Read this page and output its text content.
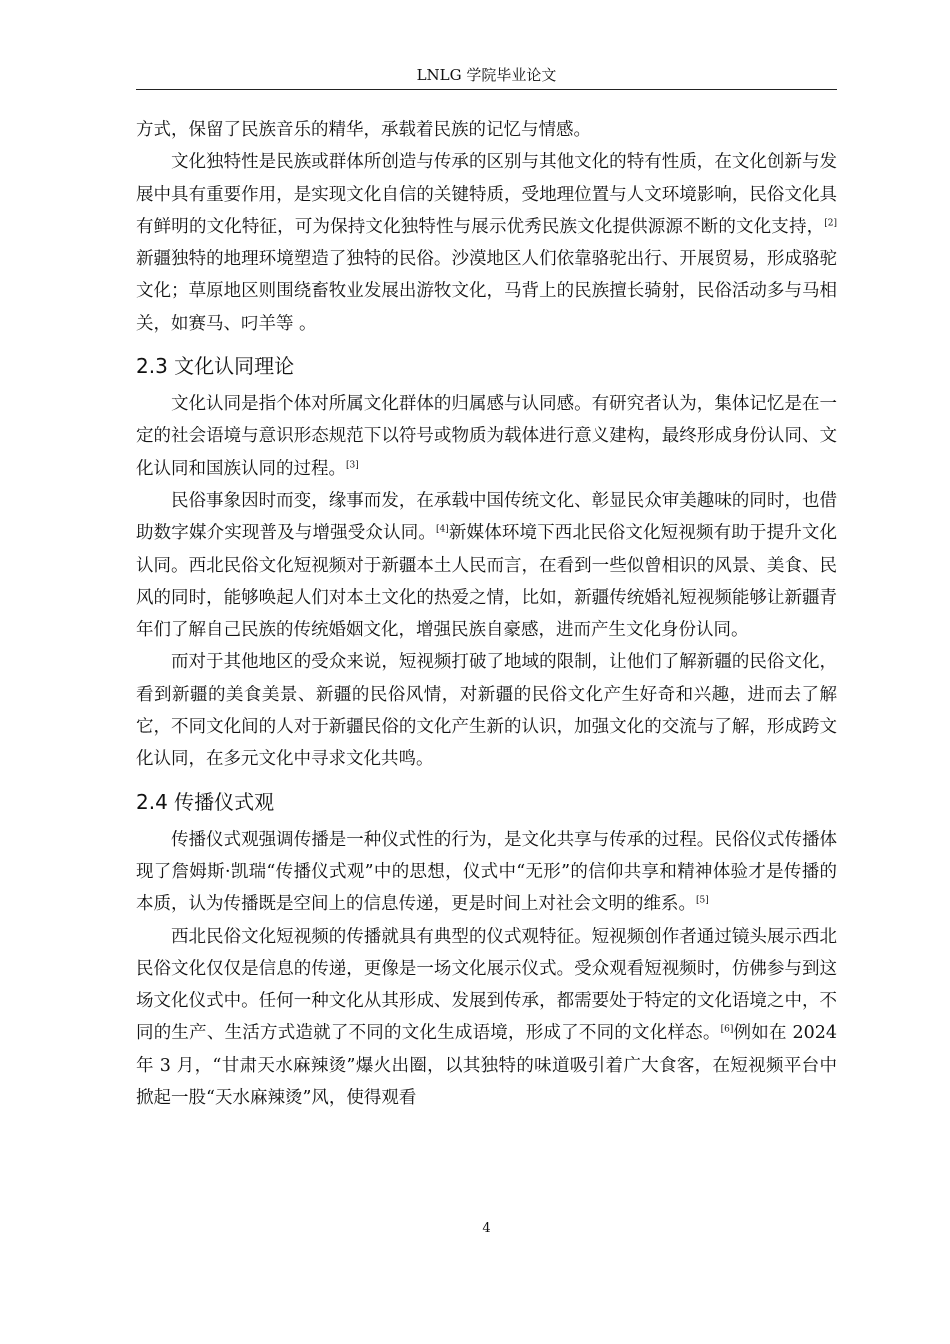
LNLG 学院毕业论文

方式，保留了民族音乐的精华，承载着民族的记忆与情感。

文化独特性是民族或群体所创造与传承的区别与其他文化的特有性质，在文化创新与发展中具有重要作用，是实现文化自信的关键特质，受地理位置与人文环境影响，民俗文化具有鲜明的文化特征，可为保持文化独特性与展示优秀民族文化提供源源不断的文化支持，[2]新疆独特的地理环境塑造了独特的民俗。沙漠地区人们依靠骆驼出行、开展贸易，形成骆驼文化；草原地区则围绕畜牧业发展出游牧文化，马背上的民族擅长骑射，民俗活动多与马相关，如赛马、叼羊等 。

2.3 文化认同理论

文化认同是指个体对所属文化群体的归属感与认同感。有研究者认为，集体记忆是在一定的社会语境与意识形态规范下以符号或物质为载体进行意义建构，最终形成身份认同、文化认同和国族认同的过程。[3]

民俗事象因时而变，缘事而发，在承载中国传统文化、彰显民众审美趣味的同时，也借助数字媒介实现普及与增强受众认同。[4]新媒体环境下西北民俗文化短视频有助于提升文化认同。西北民俗文化短视频对于新疆本土人民而言，在看到一些似曾相识的风景、美食、民风的同时，能够唤起人们对本土文化的热爱之情，比如，新疆传统婚礼短视频能够让新疆青年们了解自己民族的传统婚姻文化，增强民族自豪感，进而产生文化身份认同。

而对于其他地区的受众来说，短视频打破了地域的限制，让他们了解新疆的民俗文化，看到新疆的美食美景、新疆的民俗风情，对新疆的民俗文化产生好奇和兴趣，进而去了解它，不同文化间的人对于新疆民俗的文化产生新的认识，加强文化的交流与了解，形成跨文化认同，在多元文化中寻求文化共鸣。

2.4 传播仪式观

传播仪式观强调传播是一种仪式性的行为，是文化共享与传承的过程。民俗仪式传播体现了詹姆斯·凯瑞“传播仪式观”中的思想，仪式中“无形”的信仰共享和精神体验才是传播的本质，认为传播既是空间上的信息传递，更是时间上对社会文明的维系。[5]

西北民俗文化短视频的传播就具有典型的仪式观特征。短视频创作者通过镜头展示西北民俗文化仅仅是信息的传递，更像是一场文化展示仪式。受众观看短视频时，仿佛参与到这场文化仪式中。任何一种文化从其形成、发展到传承，都需要处于特定的文化语境之中，不同的生产、生活方式造就了不同的文化生成语境，形成了不同的文化样态。[6]例如在 2024 年 3 月，“甘肃天水麻辣烫”爆火出圈，以其独特的味道吸引着广大食客，在短视频平台中掀起一股“天水麻辣烫”风，使得观看

4
